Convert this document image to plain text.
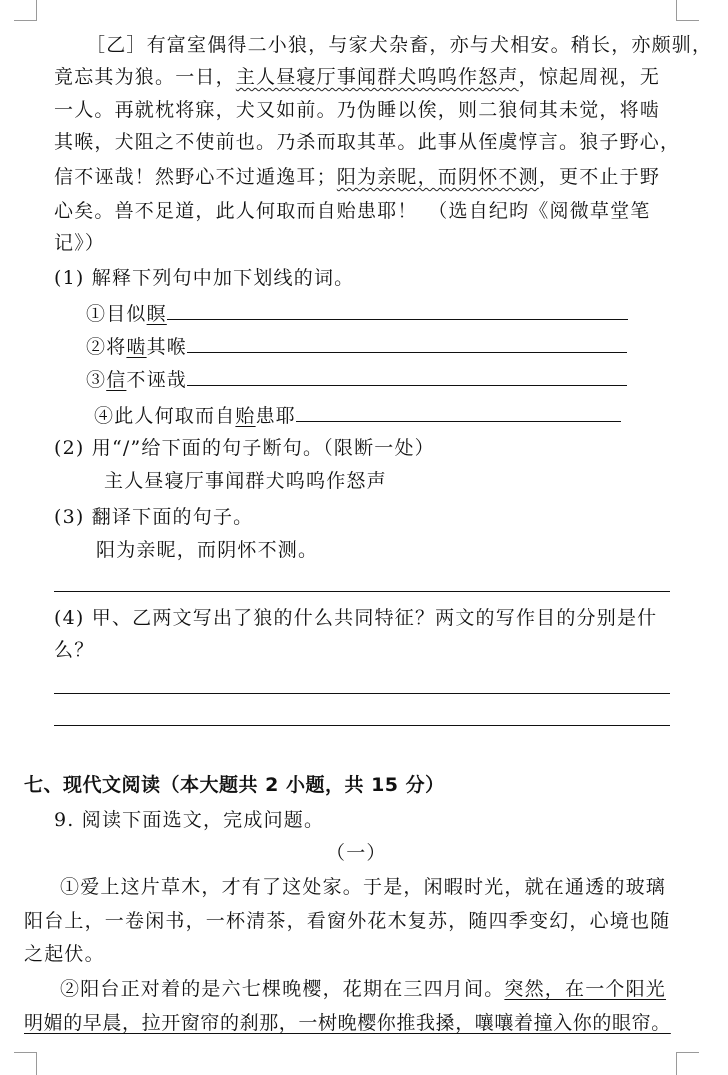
［乙］有富室偶得二小狼，与家犬杂畜，亦与犬相安。稍长，亦颇驯，
竟忘其为狼。一日，主人昼寝厅事闻群犬呜呜作怒声，惊起周视，无
一人。再就枕将寐，犬又如前。乃伪睡以俟，则二狼伺其未觉，将啮
其喉，犬阻之不使前也。乃杀而取其革。此事从侄虞惇言。狼子野心，
信不诬哉！然野心不过遁逸耳；阳为亲昵，而阴怀不测，更不止于野
心矣。兽不足道，此人何取而自贻患耶！　（选自纪昀《阅微草堂笔
记》）
(1) 解释下列句中加下划线的词。
①目似瞑
②将啮其喉
③信不诬哉
④此人何取而自贻患耶
(2) 用“/”给下面的句子断句。（限断一处）
主人昼寝厅事闻群犬呜呜作怒声
(3) 翻译下面的句子。
阳为亲昵，而阴怀不测。
(4) 甲、乙两文写出了狼的什么共同特征？两文的写作目的分别是什
么？
七、现代文阅读（本大题共 2 小题，共 15 分）
9. 阅读下面选文，完成问题。
（一）
①爱上这片草木，才有了这处家。于是，闲暇时光，就在通透的玻璃
阳台上，一卷闲书，一杯清茶，看窗外花木复苏，随四季变幻，心境也随
之起伏。
②阳台正对着的是六七棵晚樱，花期在三四月间。突然，在一个阳光
明媚的早晨，拉开窗帘的刹那，一树晚樱你推我搡，嚷嚷着撞入你的眼帘。
